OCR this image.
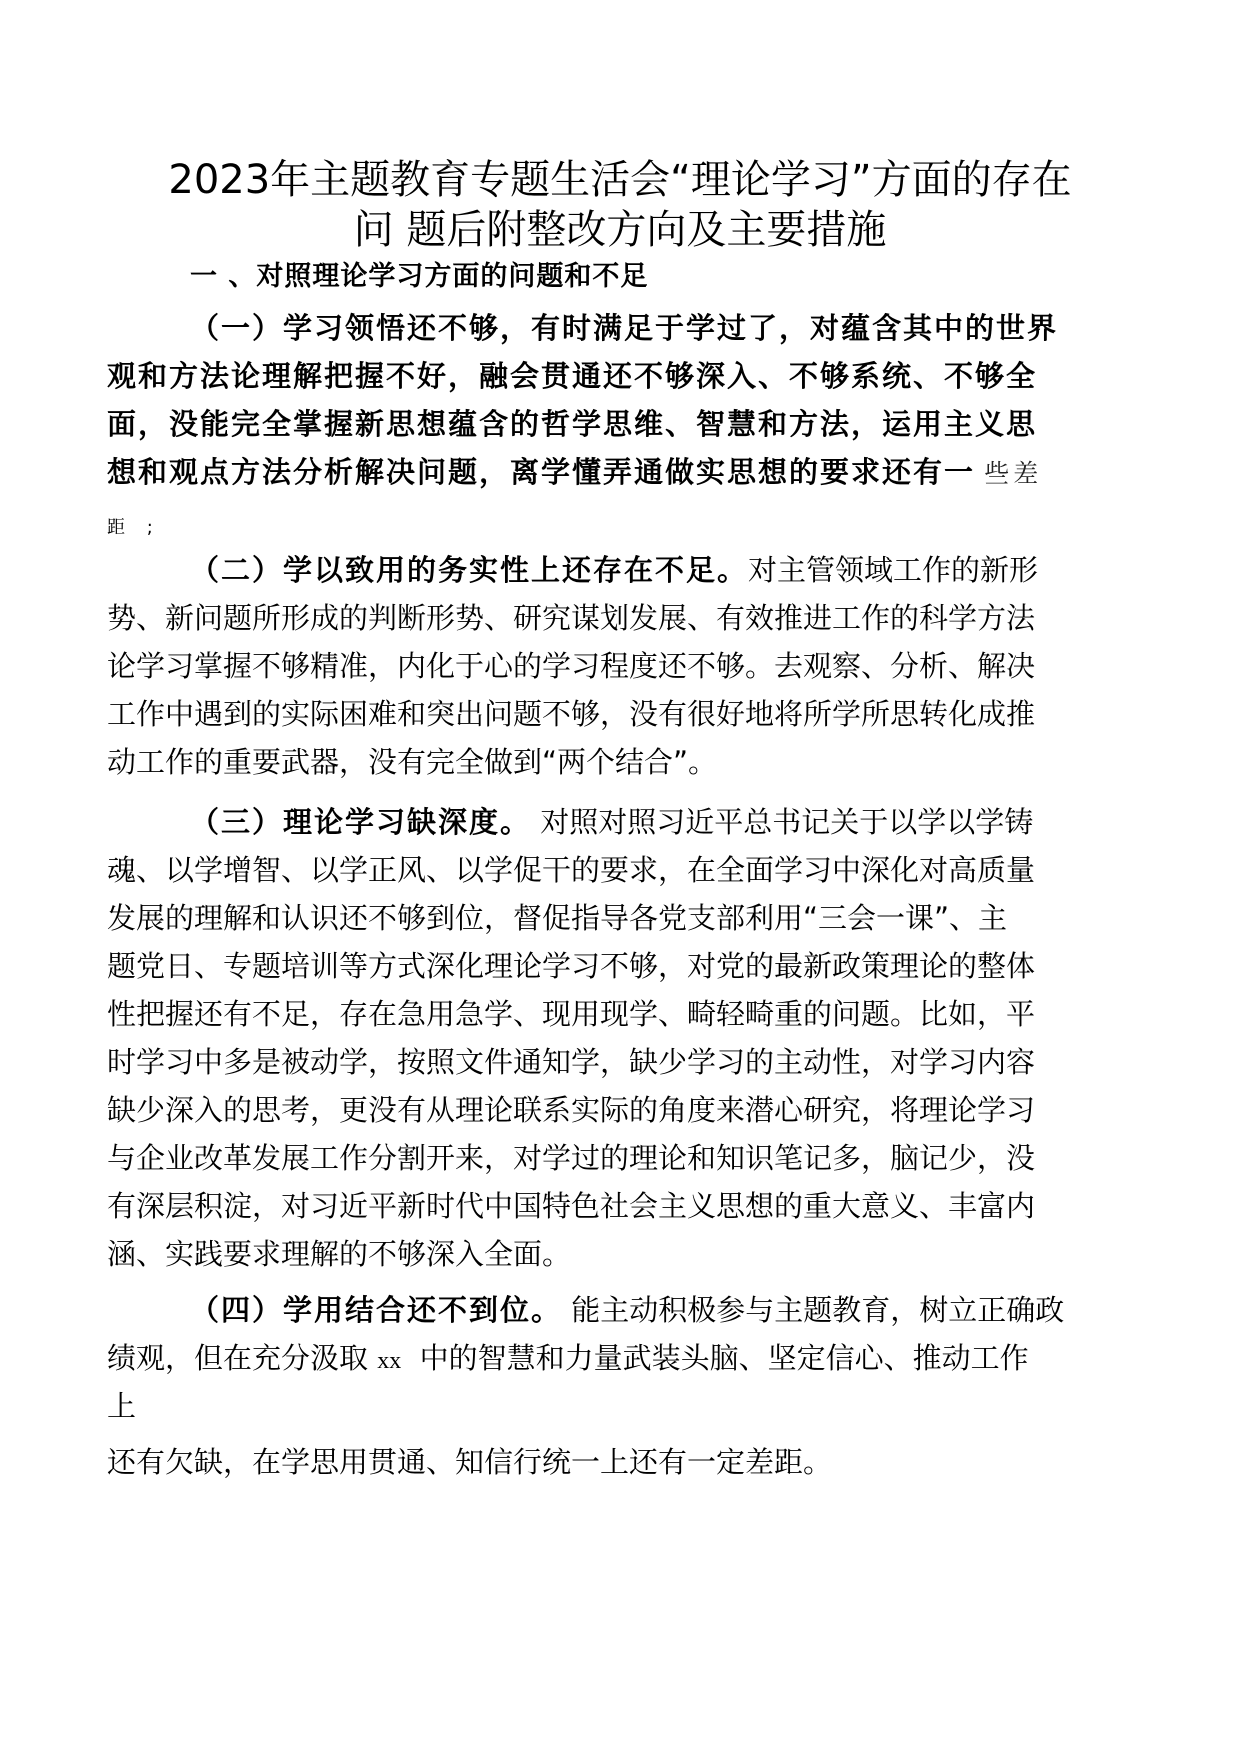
2023年主题教育专题生活会“理论学习”方面的存在
问 题后附整改方向及主要措施
一 、对照理论学习方面的问题和不足
（一）学习领悟还不够，有时满足于学过了，对蕴含其中的世界
观和方法论理解把握不好，融会贯通还不够深入、不够系统、不够全
面，没能完全掌握新思想蕴含的哲学思维、智慧和方法，运用主义思
想和观点方法分析解决问题，离学懂弄通做实思想的要求还有一 些差
距 ;
（二）学以致用的务实性上还存在不足。对主管领域工作的新形
势、新问题所形成的判断形势、研究谋划发展、有效推进工作的科学方法
论学习掌握不够精准，内化于心的学习程度还不够。去观察、分析、解决
工作中遇到的实际困难和突出问题不够，没有很好地将所学所思转化成推
动工作的重要武器，没有完全做到“两个结合”。
（三）理论学习缺深度。 对照对照习近平总书记关于以学以学铸
魂、以学增智、以学正风、以学促干的要求，在全面学习中深化对高质量
发展的理解和认识还不够到位，督促指导各党支部利用“三会一课”、主
题党日、专题培训等方式深化理论学习不够，对党的最新政策理论的整体
性把握还有不足，存在急用急学、现用现学、畸轻畸重的问题。比如，平
时学习中多是被动学，按照文件通知学，缺少学习的主动性，对学习内容
缺少深入的思考，更没有从理论联系实际的角度来潜心研究，将理论学习
与企业改革发展工作分割开来，对学过的理论和知识笔记多，脑记少，没
有深层积淀，对习近平新时代中国特色社会主义思想的重大意义、丰富内
涵、实践要求理解的不够深入全面。
（四）学用结合还不到位。 能主动积极参与主题教育，树立正确政
绩观，但在充分汲取 xx 中的智慧和力量武装头脑、坚定信心、推动工作
上
还有欠缺，在学思用贯通、知信行统一上还有一定差距。
